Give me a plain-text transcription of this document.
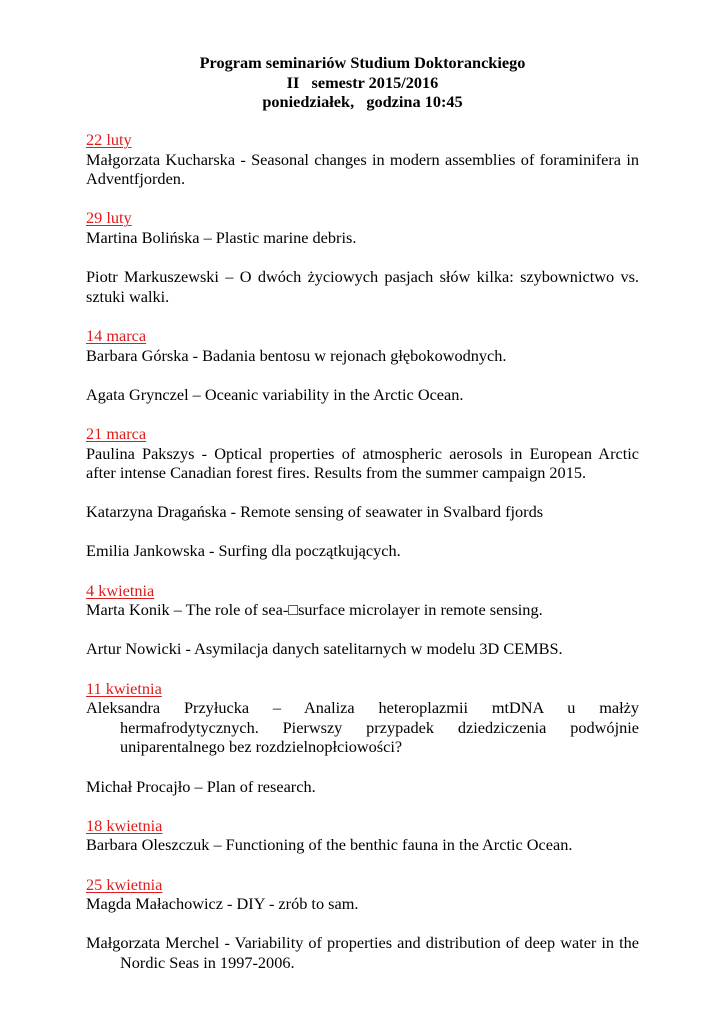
Program seminariów Studium Doktoranckiego
II   semestr 2015/2016
poniedziałek,   godzina 10:45
22 luty
Małgorzata Kucharska - Seasonal changes in modern assemblies of foraminifera in Adventfjorden.
29 luty
Martina Bolińska – Plastic marine debris.
Piotr Markuszewski – O dwóch życiowych pasjach słów kilka: szybownictwo vs. sztuki walki.
14 marca
Barbara Górska - Badania bentosu w rejonach głębokowodnych.
Agata Grynczel – Oceanic variability in the Arctic Ocean.
21 marca
Paulina Pakszys - Optical properties of atmospheric aerosols in European Arctic after intense Canadian forest fires. Results from the summer campaign 2015.
Katarzyna Dragańska - Remote sensing of seawater in Svalbard fjords
Emilia Jankowska - Surfing dla początkujących.
4 kwietnia
Marta Konik – The role of sea-□surface microlayer in remote sensing.
Artur Nowicki - Asymilacja danych satelitarnych w modelu 3D CEMBS.
11 kwietnia
Aleksandra Przyłucka – Analiza heteroplazmii mtDNA u małży hermafrodytycznych. Pierwszy przypadek dziedziczenia podwójnie uniparentalnego bez rozdzielnopłciowości?
Michał Procajło – Plan of research.
18 kwietnia
Barbara Oleszczuk – Functioning of the benthic fauna in the Arctic Ocean.
25 kwietnia
Magda Małachowicz - DIY - zrób to sam.
Małgorzata Merchel - Variability of properties and distribution of deep water in the Nordic Seas in 1997-2006.
